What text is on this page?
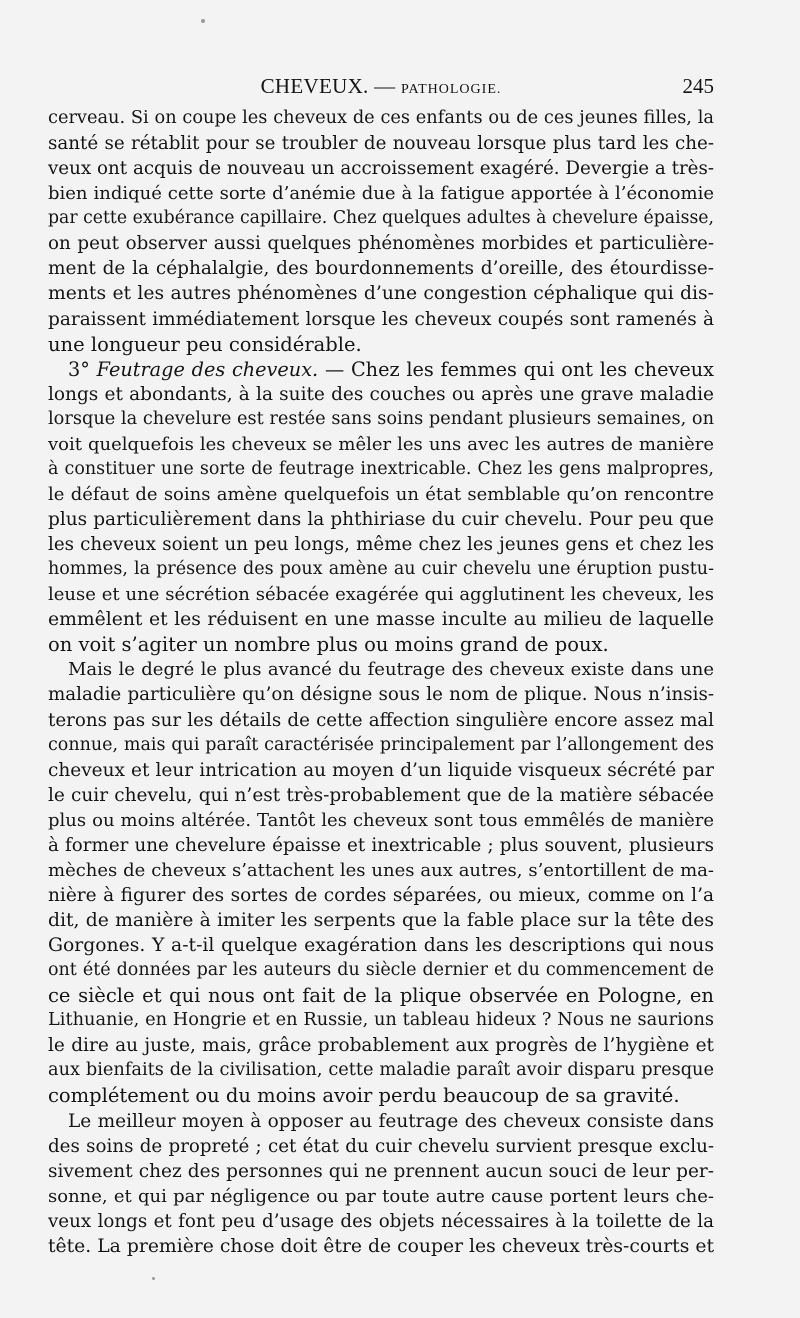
CHEVEUX. — PATHOLOGIE.	245
cerveau. Si on coupe les cheveux de ces enfants ou de ces jeunes filles, la
santé se rétablit pour se troubler de nouveau lorsque plus tard les che-
veux ont acquis de nouveau un accroissement exagéré. Devergie a très-
bien indiqué cette sorte d’anémie due à la fatigue apportée à l’économie
par cette exubérance capillaire. Chez quelques adultes à chevelure épaisse,
on peut observer aussi quelques phénomènes morbides et particulière-
ment de la céphalalgie, des bourdonnements d’oreille, des étourdisse-
ments et les autres phénomènes d’une congestion céphalique qui dis-
paraissent immédiatement lorsque les cheveux coupés sont ramenés à
une longueur peu considérable.
3° Feutrage des cheveux. — Chez les femmes qui ont les cheveux
longs et abondants, à la suite des couches ou après une grave maladie
lorsque la chevelure est restée sans soins pendant plusieurs semaines, on
voit quelquefois les cheveux se mêler les uns avec les autres de manière
à constituer une sorte de feutrage inextricable. Chez les gens malpropres,
le défaut de soins amène quelquefois un état semblable qu’on rencontre
plus particulièrement dans la phthiriase du cuir chevelu. Pour peu que
les cheveux soient un peu longs, même chez les jeunes gens et chez les
hommes, la présence des poux amène au cuir chevelu une éruption pustu-
leuse et une sécrétion sébacée exagérée qui agglutinent les cheveux, les
emmêlent et les réduisent en une masse inculte au milieu de laquelle
on voit s’agiter un nombre plus ou moins grand de poux.
Mais le degré le plus avancé du feutrage des cheveux existe dans une
maladie particulière qu’on désigne sous le nom de plique. Nous n’insis-
terons pas sur les détails de cette affection singulière encore assez mal
connue, mais qui paraît caractérisée principalement par l’allongement des
cheveux et leur intrication au moyen d’un liquide visqueux sécrété par
le cuir chevelu, qui n’est très-probablement que de la matière sébacée
plus ou moins altérée. Tantôt les cheveux sont tous emmêlés de manière
à former une chevelure épaisse et inextricable ; plus souvent, plusieurs
mèches de cheveux s’attachent les unes aux autres, s’entortillent de ma-
nière à figurer des sortes de cordes séparées, ou mieux, comme on l’a
dit, de manière à imiter les serpents que la fable place sur la tête des
Gorgones. Y a-t-il quelque exagération dans les descriptions qui nous
ont été données par les auteurs du siècle dernier et du commencement de
ce siècle et qui nous ont fait de la plique observée en Pologne, en
Lithuanie, en Hongrie et en Russie, un tableau hideux ? Nous ne saurions
le dire au juste, mais, grâce probablement aux progrès de l’hygiène et
aux bienfaits de la civilisation, cette maladie paraît avoir disparu presque
complétement ou du moins avoir perdu beaucoup de sa gravité.
Le meilleur moyen à opposer au feutrage des cheveux consiste dans
des soins de propreté ; cet état du cuir chevelu survient presque exclu-
sivement chez des personnes qui ne prennent aucun souci de leur per-
sonne, et qui par négligence ou par toute autre cause portent leurs che-
veux longs et font peu d’usage des objets nécessaires à la toilette de la
tête. La première chose doit être de couper les cheveux très-courts et
